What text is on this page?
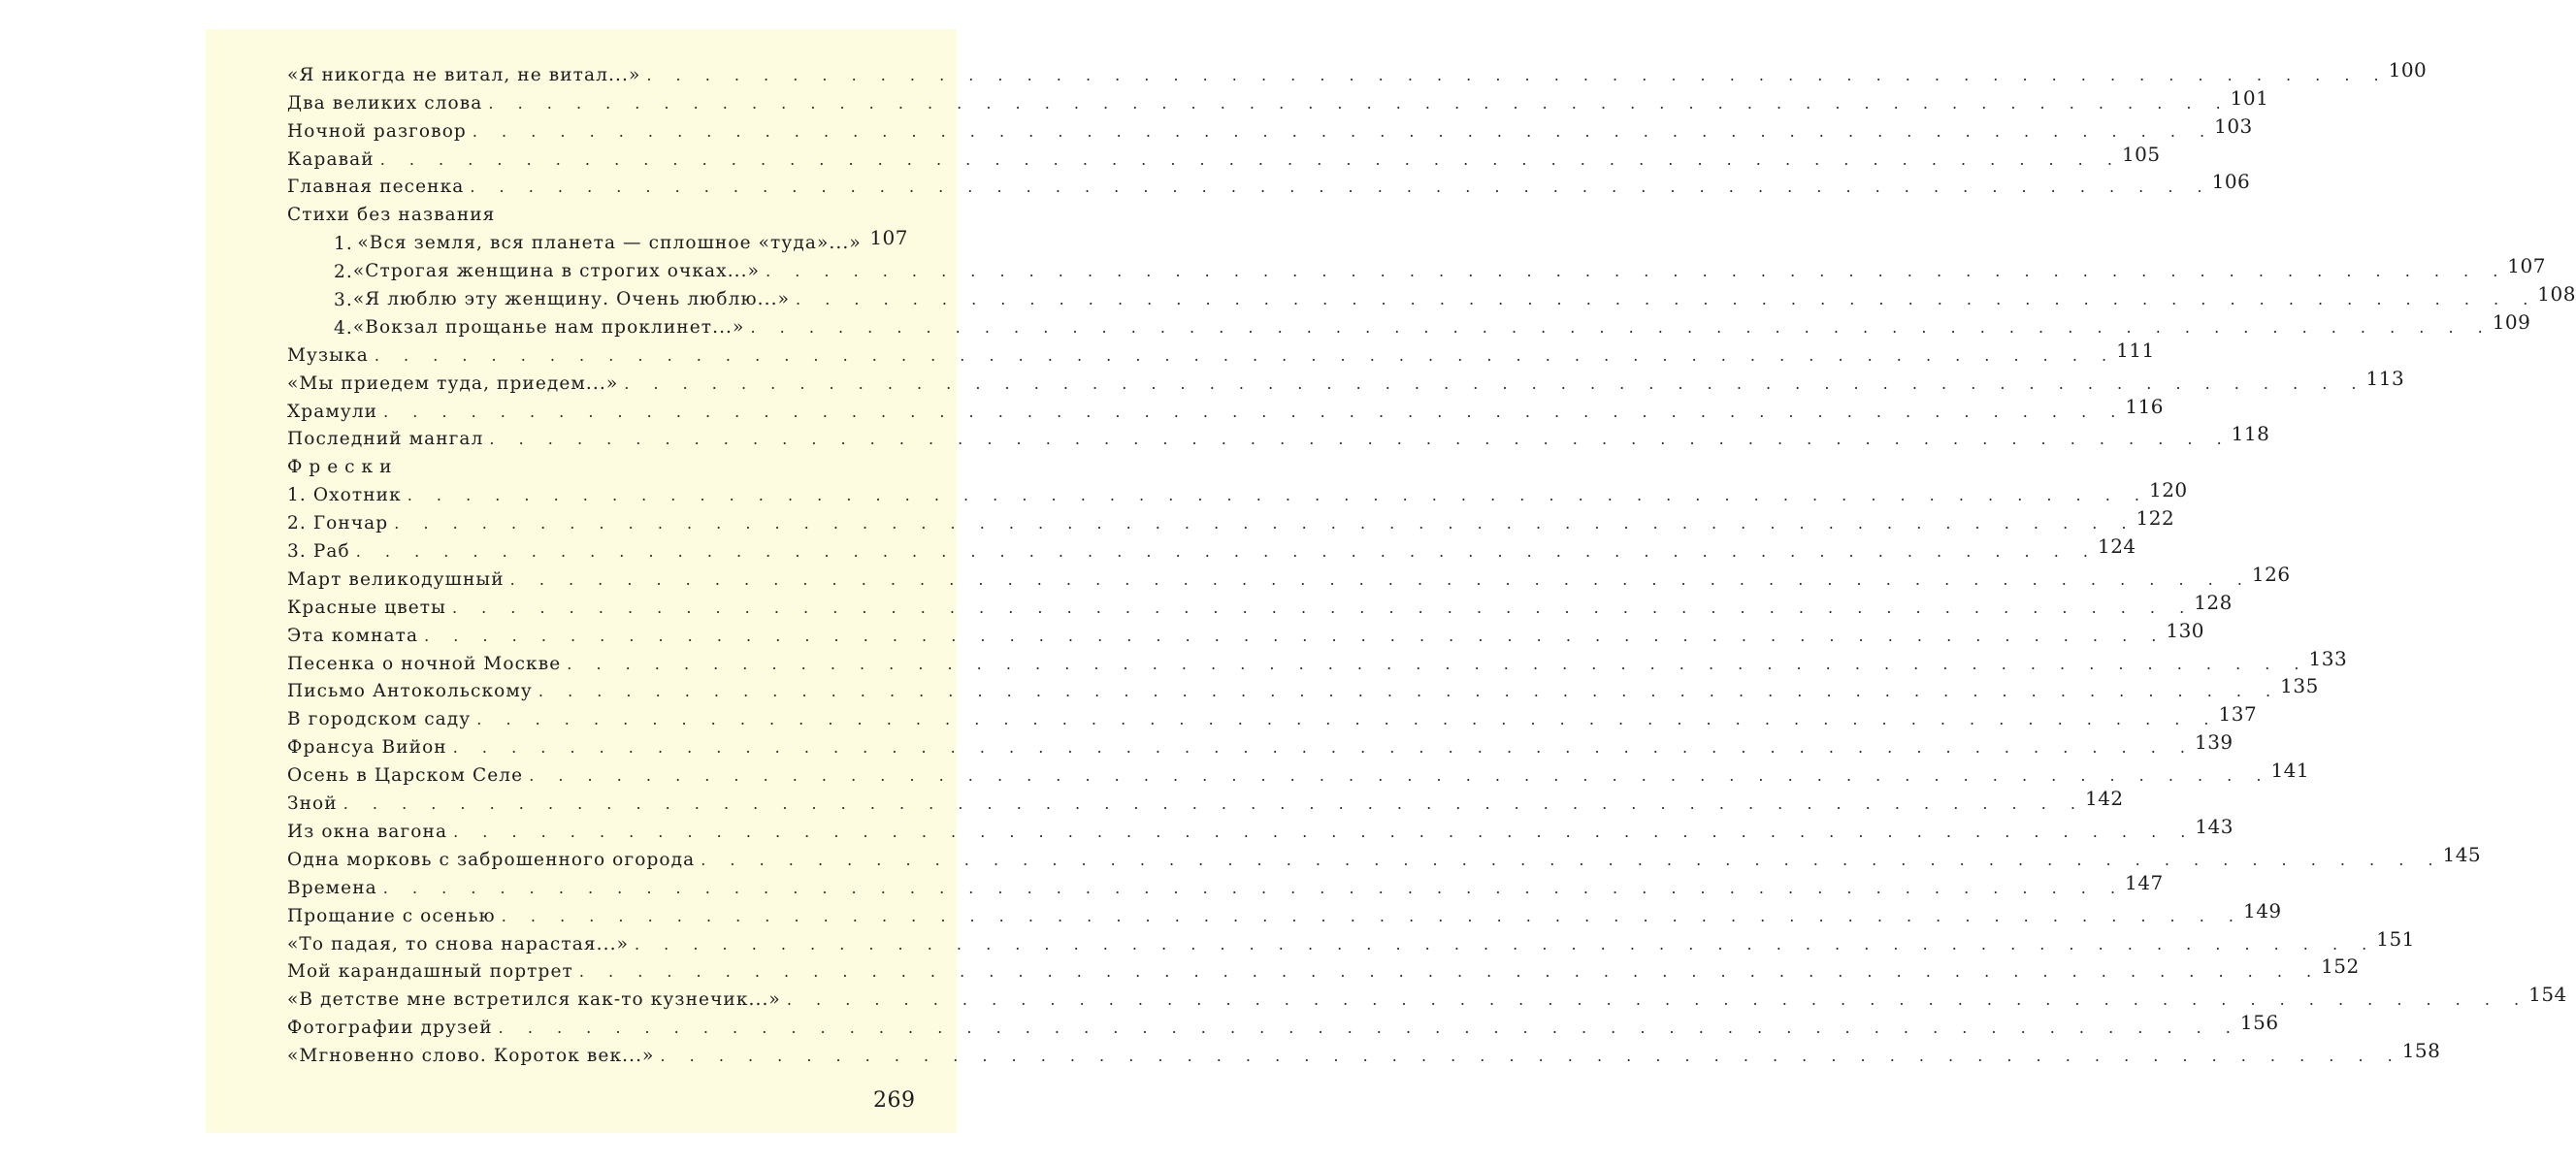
«Я никогда не витал, не витал...» . . . . . . . . . . . . . . . . . . . . . . . . . . . . . . . . . . . . . . . . . . . . . . . . . . . . . . . . . . . . 100
Два великих слова . . . . . . . . . . . . . . . . . . . . . . . . . . . . . . . . . . . . . . . . . . . . . . . . . . . . . . . . . . . . 101
Ночной разговор . . . . . . . . . . . . . . . . . . . . . . . . . . . . . . . . . . . . . . . . . . . . . . . . . . . . . . . . . . . . 103
Каравай . . . . . . . . . . . . . . . . . . . . . . . . . . . . . . . . . . . . . . . . . . . . . . . . . . . . . . . . . . . . 105
Главная песенка . . . . . . . . . . . . . . . . . . . . . . . . . . . . . . . . . . . . . . . . . . . . . . . . . . . . . . . . . . . . 106
Стихи без названия
1. «Вся земля, вся планета — сплошное «туда»...» 107
2. «Строгая женщина в строгих очках...» . . . . . . . . . . . . . . . . . . . . . . . . . . . . . . . . . . . . . . . . . . . . . . . . . . . . . . . . . . . . 107
3. «Я люблю эту женщину. Очень люблю...» . . . . . . . . . . . . . . . . . . . . . . . . . . . . . . . . . . . . . . . . . . . . . . . . . . . . . . . . . . . . 108
4. «Вокзал прощанье нам проклинет...» . . . . . . . . . . . . . . . . . . . . . . . . . . . . . . . . . . . . . . . . . . . . . . . . . . . . . . . . . . . . 109
Музыка . . . . . . . . . . . . . . . . . . . . . . . . . . . . . . . . . . . . . . . . . . . . . . . . . . . . . . . . . . . . 111
«Мы приедем туда, приедем...» . . . . . . . . . . . . . . . . . . . . . . . . . . . . . . . . . . . . . . . . . . . . . . . . . . . . . . . . . . . . 113
Храмули . . . . . . . . . . . . . . . . . . . . . . . . . . . . . . . . . . . . . . . . . . . . . . . . . . . . . . . . . . . . 116
Последний мангал . . . . . . . . . . . . . . . . . . . . . . . . . . . . . . . . . . . . . . . . . . . . . . . . . . . . . . . . . . . . 118
Фрески
1. Охотник . . . . . . . . . . . . . . . . . . . . . . . . . . . . . . . . . . . . . . . . . . . . . . . . . . . . . . . . . . . . 120
2. Гончар . . . . . . . . . . . . . . . . . . . . . . . . . . . . . . . . . . . . . . . . . . . . . . . . . . . . . . . . . . . . 122
3. Раб . . . . . . . . . . . . . . . . . . . . . . . . . . . . . . . . . . . . . . . . . . . . . . . . . . . . . . . . . . . . 124
Март великодушный . . . . . . . . . . . . . . . . . . . . . . . . . . . . . . . . . . . . . . . . . . . . . . . . . . . . . . . . . . . . 126
Красные цветы . . . . . . . . . . . . . . . . . . . . . . . . . . . . . . . . . . . . . . . . . . . . . . . . . . . . . . . . . . . . 128
Эта комната . . . . . . . . . . . . . . . . . . . . . . . . . . . . . . . . . . . . . . . . . . . . . . . . . . . . . . . . . . . . 130
Песенка о ночной Москве . . . . . . . . . . . . . . . . . . . . . . . . . . . . . . . . . . . . . . . . . . . . . . . . . . . . . . . . . . . . 133
Письмо Антокольскому . . . . . . . . . . . . . . . . . . . . . . . . . . . . . . . . . . . . . . . . . . . . . . . . . . . . . . . . . . . . 135
В городском саду . . . . . . . . . . . . . . . . . . . . . . . . . . . . . . . . . . . . . . . . . . . . . . . . . . . . . . . . . . . . 137
Франсуа Вийон . . . . . . . . . . . . . . . . . . . . . . . . . . . . . . . . . . . . . . . . . . . . . . . . . . . . . . . . . . . . 139
Осень в Царском Селе . . . . . . . . . . . . . . . . . . . . . . . . . . . . . . . . . . . . . . . . . . . . . . . . . . . . . . . . . . . . 141
Зной . . . . . . . . . . . . . . . . . . . . . . . . . . . . . . . . . . . . . . . . . . . . . . . . . . . . . . . . . . . . 142
Из окна вагона . . . . . . . . . . . . . . . . . . . . . . . . . . . . . . . . . . . . . . . . . . . . . . . . . . . . . . . . . . . . 143
Одна морковь с заброшенного огорода . . . . . . . . . . . . . . . . . . . . . . . . . . . . . . . . . . . . . . . . . . . . . . . . . . . . . . . . . . . . 145
Времена . . . . . . . . . . . . . . . . . . . . . . . . . . . . . . . . . . . . . . . . . . . . . . . . . . . . . . . . . . . . 147
Прощание с осенью . . . . . . . . . . . . . . . . . . . . . . . . . . . . . . . . . . . . . . . . . . . . . . . . . . . . . . . . . . . . 149
«То падая, то снова нарастая...» . . . . . . . . . . . . . . . . . . . . . . . . . . . . . . . . . . . . . . . . . . . . . . . . . . . . . . . . . . . . 151
Мой карандашный портрет . . . . . . . . . . . . . . . . . . . . . . . . . . . . . . . . . . . . . . . . . . . . . . . . . . . . . . . . . . . . 152
«В детстве мне встретился как-то кузнечик...» . . . . . . . . . . . . . . . . . . . . . . . . . . . . . . . . . . . . . . . . . . . . . . . . . . . . . . . . . . . . 154
Фотографии друзей . . . . . . . . . . . . . . . . . . . . . . . . . . . . . . . . . . . . . . . . . . . . . . . . . . . . . . . . . . . . 156
«Мгновенно слово. Короток век...» . . . . . . . . . . . . . . . . . . . . . . . . . . . . . . . . . . . . . . . . . . . . . . . . . . . . . . . . . . . . 158
269
